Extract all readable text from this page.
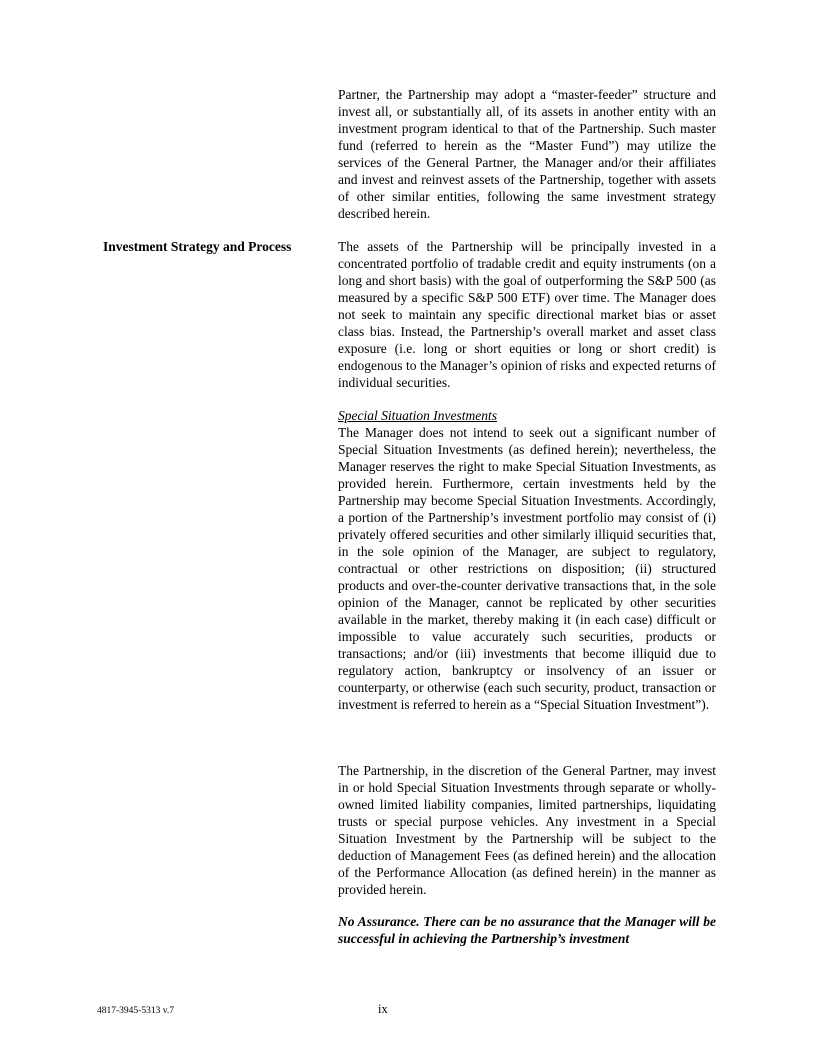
Partner, the Partnership may adopt a “master-feeder” structure and invest all, or substantially all, of its assets in another entity with an investment program identical to that of the Partnership. Such master fund (referred to herein as the “Master Fund”) may utilize the services of the General Partner, the Manager and/or their affiliates and invest and reinvest assets of the Partnership, together with assets of other similar entities, following the same investment strategy described herein.

Investment Strategy and Process	The assets of the Partnership will be principally invested in a concentrated portfolio of tradable credit and equity instruments (on a long and short basis) with the goal of outperforming the S&P 500 (as measured by a specific S&P 500 ETF) over time. The Manager does not seek to maintain any specific directional market bias or asset class bias. Instead, the Partnership’s overall market and asset class exposure (i.e. long or short equities or long or short credit) is endogenous to the Manager’s opinion of risks and expected returns of individual securities.

Special Situation Investments

The Manager does not intend to seek out a significant number of Special Situation Investments (as defined herein); nevertheless, the Manager reserves the right to make Special Situation Investments, as provided herein. Furthermore, certain investments held by the Partnership may become Special Situation Investments. Accordingly, a portion of the Partnership’s investment portfolio may consist of (i) privately offered securities and other similarly illiquid securities that, in the sole opinion of the Manager, are subject to regulatory, contractual or other restrictions on disposition; (ii) structured products and over-the-counter derivative transactions that, in the sole opinion of the Manager, cannot be replicated by other securities available in the market, thereby making it (in each case) difficult or impossible to value accurately such securities, products or transactions; and/or (iii) investments that become illiquid due to regulatory action, bankruptcy or insolvency of an issuer or counterparty, or otherwise (each such security, product, transaction or investment is referred to herein as a “Special Situation Investment”).

The Partnership, in the discretion of the General Partner, may invest in or hold Special Situation Investments through separate or wholly-owned limited liability companies, limited partnerships, liquidating trusts or special purpose vehicles. Any investment in a Special Situation Investment by the Partnership will be subject to the deduction of Management Fees (as defined herein) and the allocation of the Performance Allocation (as defined herein) in the manner as provided herein.

No Assurance. There can be no assurance that the Manager will be successful in achieving the Partnership’s investment

4817-3945-5313 v.7	ix
